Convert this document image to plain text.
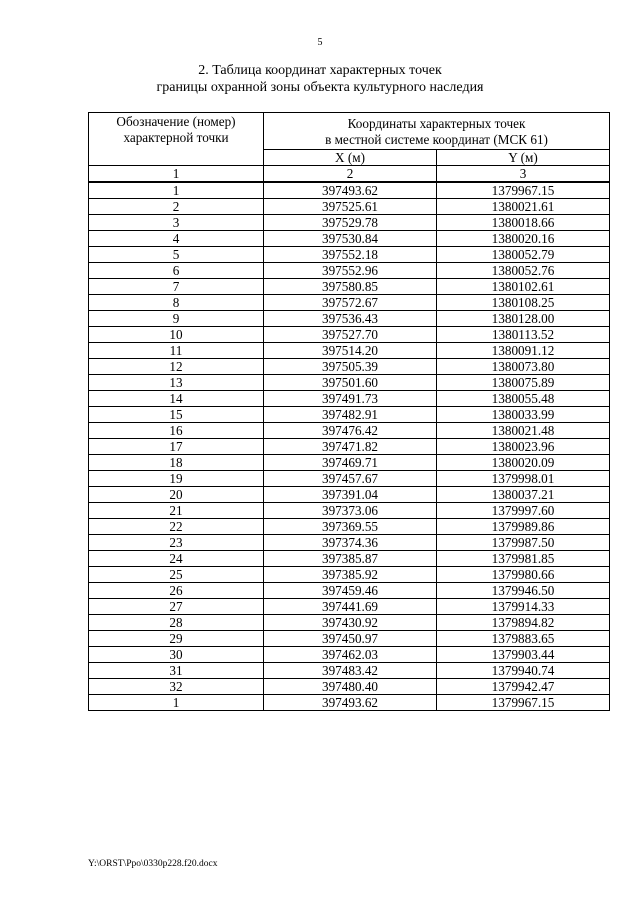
5
2. Таблица координат характерных точек
границы охранной зоны объекта культурного наследия
Обозначение (номер) характерной точки	Координаты характерных точек
в местной системе координат (МСК 61)	

	X (м)	Y (м)
1	2	3
1	397493.62	1379967.15
2	397525.61	1380021.61
3	397529.78	1380018.66
4	397530.84	1380020.16
5	397552.18	1380052.79
6	397552.96	1380052.76
7	397580.85	1380102.61
8	397572.67	1380108.25
9	397536.43	1380128.00
10	397527.70	1380113.52
11	397514.20	1380091.12
12	397505.39	1380073.80
13	397501.60	1380075.89
14	397491.73	1380055.48
15	397482.91	1380033.99
16	397476.42	1380021.48
17	397471.82	1380023.96
18	397469.71	1380020.09
19	397457.67	1379998.01
20	397391.04	1380037.21
21	397373.06	1379997.60
22	397369.55	1379989.86
23	397374.36	1379987.50
24	397385.87	1379981.85
25	397385.92	1379980.66
26	397459.46	1379946.50
27	397441.69	1379914.33
28	397430.92	1379894.82
29	397450.97	1379883.65
30	397462.03	1379903.44
31	397483.42	1379940.74
32	397480.40	1379942.47
1	397493.62	1379967.15
Y:\ORST\Ppo\0330p228.f20.docx
